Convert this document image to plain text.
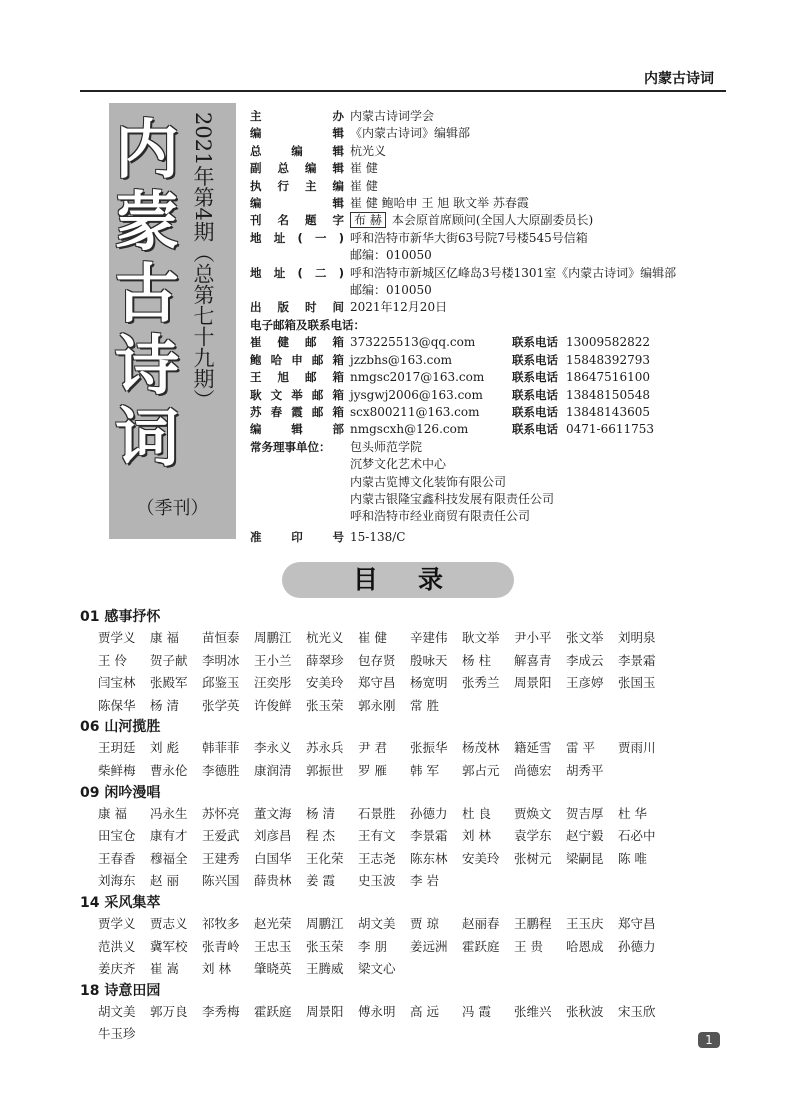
内蒙古诗词
内
蒙
古
诗
词
2021年第4期（总第七十九期）
（季刊）
主办 内蒙古诗词学会
编辑 《内蒙古诗词》编辑部
总编辑 杭光义
副总编辑 崔 健
执行主编 崔 健
编辑 崔 健 鲍哈申 王 旭 耿文举 苏春霞
刊名题字 布 赫 本会原首席顾问(全国人大原副委员长)
地址(一) 呼和浩特市新华大街63号院7号楼545号信箱
邮编：010050
地址(二) 呼和浩特市新城区亿峰岛3号楼1301室《内蒙古诗词》编辑部
邮编：010050
出版时间 2021年12月20日
电子邮箱及联系电话：
崔健邮箱 373225513@qq.com	联系电话 13009582822
鲍哈申邮箱 jzzbhs@163.com	联系电话 15848392793
王旭邮箱 nmgsc2017@163.com	联系电话 18647516100
耿文举邮箱 jysgwj2006@163.com	联系电话 13848150548
苏春霞邮箱 scx800211@163.com	联系电话 13848143605
编辑部 nmgscxh@126.com	联系电话 0471-6611753
常务理事单位：	包头师范学院
沉梦文化艺术中心
内蒙古览博文化装饰有限公司
内蒙古银隆宝鑫科技发展有限责任公司
呼和浩特市经业商贸有限责任公司
准印号 15-138/C
目录
01 感事抒怀
贾学义	康 福	苗恒泰	周鹏江	杭光义	崔 健	辛建伟	耿文举	尹小平	张文举	刘明泉
王 伶	贺子献	李明冰	王小兰	薛翠珍	包存贤	殷咏天	杨 柱	解喜青	李成云	李景霜
闫宝林	张殿军	邱鉴玉	汪奕彤	安美玲	郑守昌	杨宽明	张秀兰	周景阳	王彦婷	张国玉
陈保华	杨 清	张学英	许俊鲜	张玉荣	郭永刚	常 胜
06 山河揽胜
王玥廷	刘 彪	韩菲菲	李永义	苏永兵	尹 君	张振华	杨茂林	籍延雪	雷 平	贾雨川
柴鲜梅	曹永伦	李德胜	康润清	郭振世	罗 雁	韩 军	郭占元	尚德宏	胡秀平
09 闲吟漫唱
康 福	冯永生	苏怀亮	董文海	杨 清	石景胜	孙德力	杜 良	贾焕文	贺吉厚	杜 华
田宝仓	康有才	王爱武	刘彦昌	程 杰	王有文	李景霜	刘 林	袁学东	赵宁毅	石必中
王春香	穆福全	王建秀	白国华	王化荣	王志尧	陈东林	安美玲	张树元	梁嗣昆	陈 唯
刘海东	赵 丽	陈兴国	薛贵林	姜 霞	史玉波	李 岩
14 采风集萃
贾学义	贾志义	祁牧多	赵光荣	周鹏江	胡文美	贾 琼	赵丽春	王鹏程	王玉庆	郑守昌
范洪义	冀军校	张青岭	王忠玉	张玉荣	李 朋	姜远洲	霍跃庭	王 贵	哈恩成	孙德力
姜庆齐	崔 嵩	刘 林	肇晓英	王腾威	梁文心
18 诗意田园
胡文美	郭万良	李秀梅	霍跃庭	周景阳	傅永明	高 远	冯 霞	张维兴	张秋波	宋玉欣
牛玉珍	1
